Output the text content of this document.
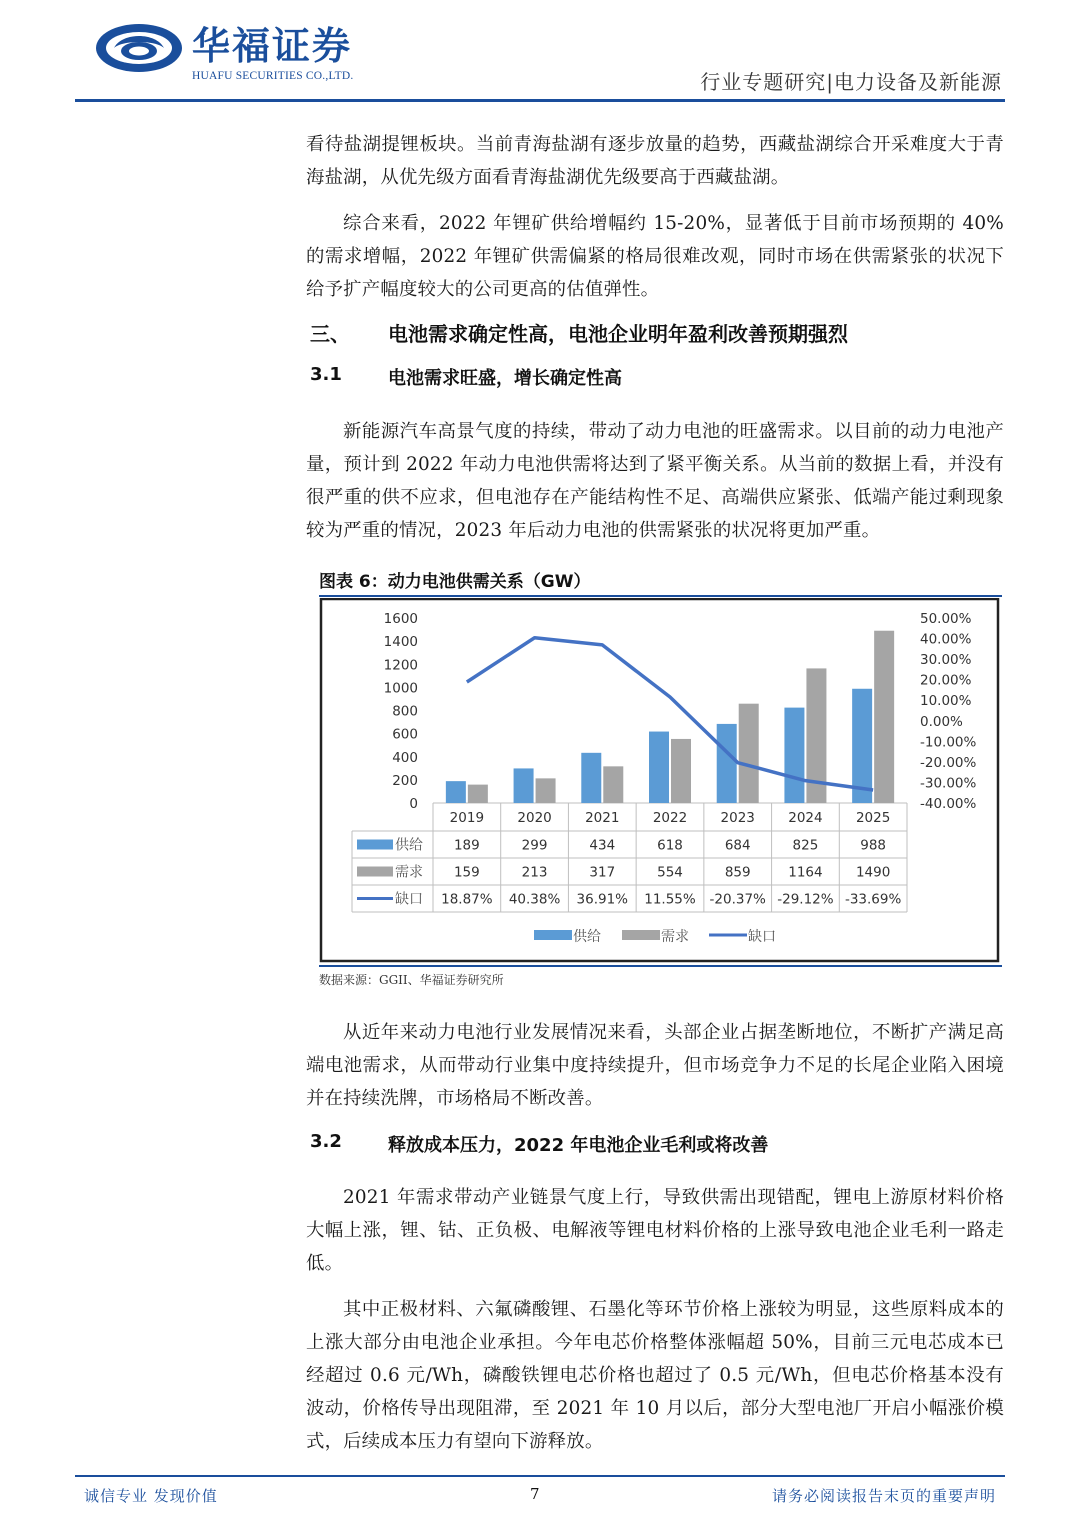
华福证券
HUAFU SECURITIES CO.,LTD.	行业专题研究|电力设备及新能源
看待盐湖提锂板块。当前青海盐湖有逐步放量的趋势，西藏盐湖综合开采难度大于青海盐湖，从优先级方面看青海盐湖优先级要高于西藏盐湖。
综合来看，2022 年锂矿供给增幅约 15-20%，显著低于目前市场预期的 40%的需求增幅，2022 年锂矿供需偏紧的格局很难改观，同时市场在供需紧张的状况下给予扩产幅度较大的公司更高的估值弹性。
三、 电池需求确定性高，电池企业明年盈利改善预期强烈
3.1	电池需求旺盛，增长确定性高
新能源汽车高景气度的持续，带动了动力电池的旺盛需求。以目前的动力电池产量，预计到 2022 年动力电池供需将达到了紧平衡关系。从当前的数据上看，并没有很严重的供不应求，但电池存在产能结构性不足、高端供应紧张、低端产能过剩现象较为严重的情况，2023 年后动力电池的供需紧张的状况将更加严重。
图表 6：动力电池供需关系（GW）
1600
1400
1200
1000
800
600
400
200
0
50.00%
40.00%
30.00%
20.00%
10.00%
0.00%
-10.00%
-20.00%
-30.00%
-40.00%
2019 2020 2021 2022 2023 2024 2025
供给 189	299	434	618	684	825	988
需求 159	213	317	554	859	1164 1490
缺口 18.87% 40.38% 36.91% 11.55% -20.37% -29.12% -33.69%
供给	需求	缺口
数据来源：GGII、华福证券研究所
从近年来动力电池行业发展情况来看，头部企业占据垄断地位，不断扩产满足高端电池需求，从而带动行业集中度持续提升，但市场竞争力不足的长尾企业陷入困境并在持续洗牌，市场格局不断改善。
3.2	释放成本压力，2022 年电池企业毛利或将改善
2021 年需求带动产业链景气度上行，导致供需出现错配，锂电上游原材料价格大幅上涨，锂、钴、正负极、电解液等锂电材料价格的上涨导致电池企业毛利一路走低。
其中正极材料、六氟磷酸锂、石墨化等环节价格上涨较为明显，这些原料成本的上涨大部分由电池企业承担。今年电芯价格整体涨幅超 50%，目前三元电芯成本已经超过 0.6 元/Wh，磷酸铁锂电芯价格也超过了 0.5 元/Wh，但电芯价格基本没有波动，价格传导出现阻滞，至 2021 年 10 月以后，部分大型电池厂开启小幅涨价模式，后续成本压力有望向下游释放。
诚信专业 发现价值	7	请务必阅读报告末页的重要声明
